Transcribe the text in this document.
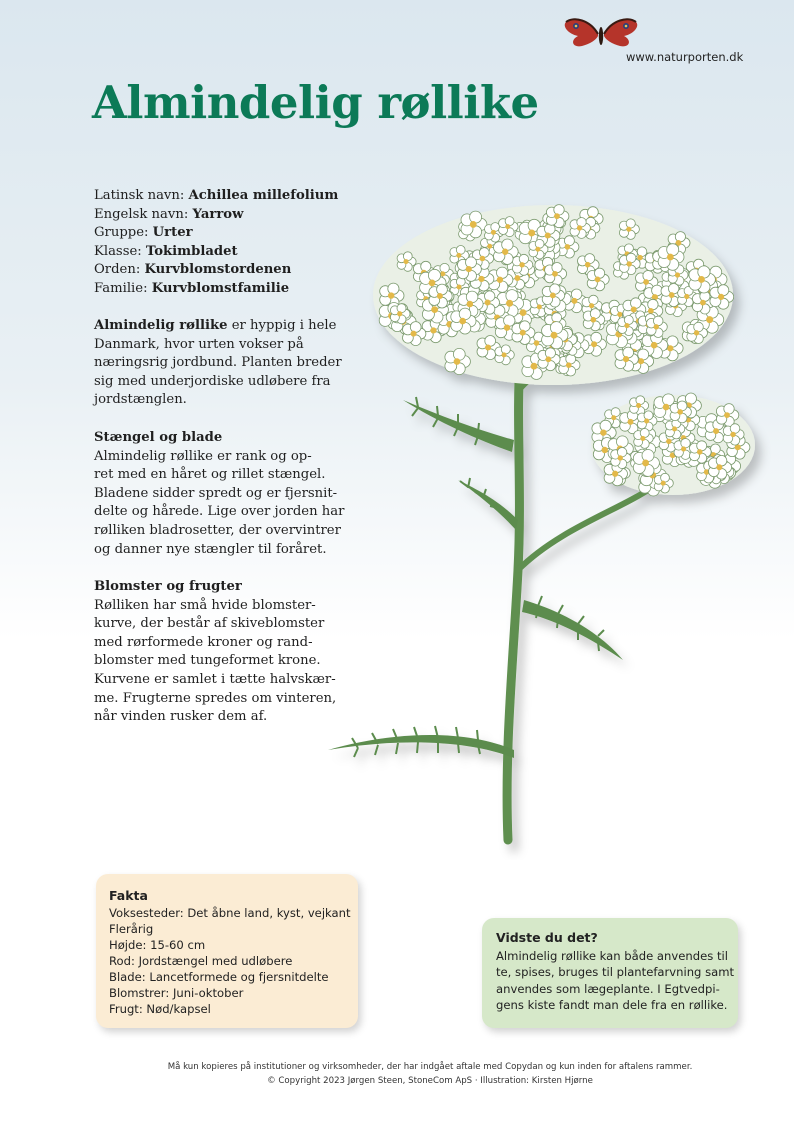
www.naturporten.dk
Almindelig røllike
Latinsk navn: Achillea millefolium
Engelsk navn: Yarrow
Gruppe: Urter
Klasse: Tokimbladet
Orden: Kurvblomstordenen
Familie: Kurvblomstfamilie
Almindelig røllike er hyppig i hele
Danmark, hvor urten vokser på
næringsrig jordbund. Planten breder
sig med underjordiske udløbere fra
jordstænglen.
Stængel og blade
Almindelig røllike er rank og op-
ret med en håret og rillet stængel.
Bladene sidder spredt og er fjersnit-
delte og hårede. Lige over jorden har
rølliken bladrosetter, der overvintrer
og danner nye stængler til foråret.
Blomster og frugter
Rølliken har små hvide blomster-
kurve, der består af skiveblomster
med rørformede kroner og rand-
blomster med tungeformet krone.
Kurvene er samlet i tætte halvskær-
me. Frugterne spredes om vinteren,
når vinden rusker dem af.
Fakta
Voksesteder: Det åbne land, kyst, vejkant
Flerårig
Højde: 15-60 cm
Rod: Jordstængel med udløbere
Blade: Lancetformede og fjersnitdelte
Blomstrer: Juni-oktober
Frugt: Nød/kapsel
Vidste du det?
Almindelig røllike kan både anvendes til
te, spises, bruges til plantefarvning samt
anvendes som lægeplante. I Egtvedpi-
gens kiste fandt man dele fra en røllike.
Må kun kopieres på institutioner og virksomheder, der har indgået aftale med Copydan og kun inden for aftalens rammer.
© Copyright 2023 Jørgen Steen, StoneCom ApS · Illustration: Kirsten Hjørne
